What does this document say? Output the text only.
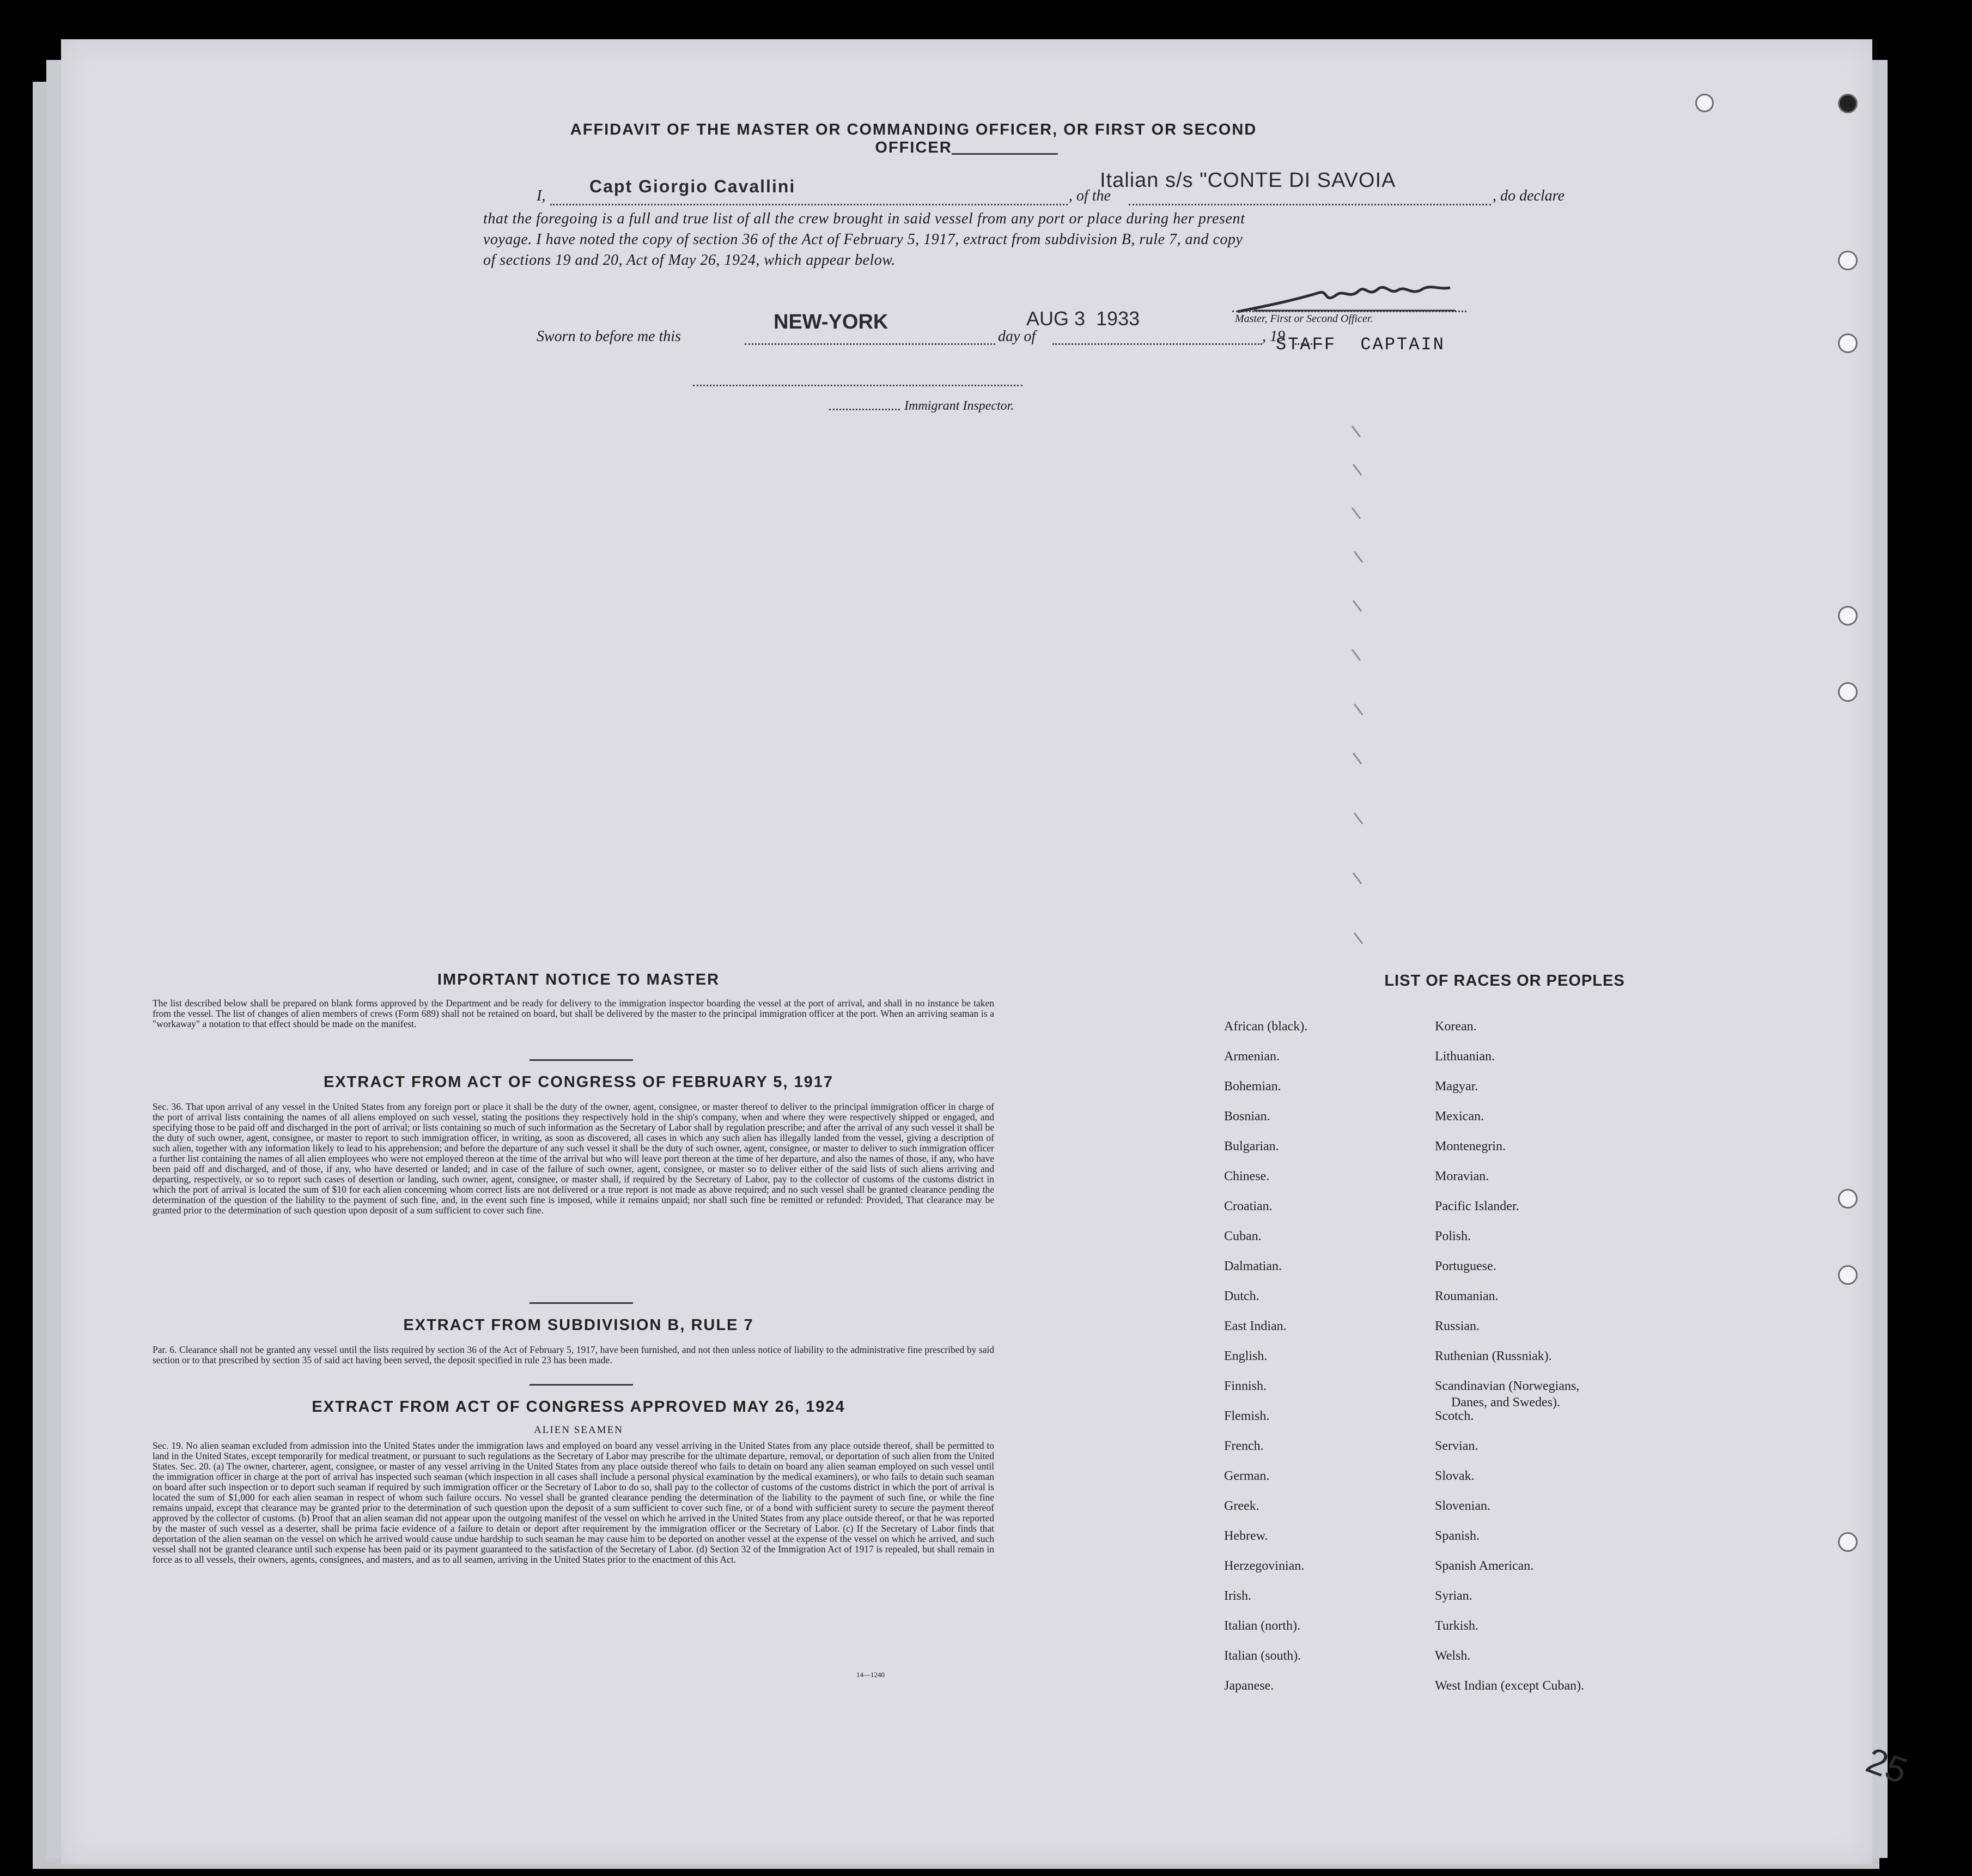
AFFIDAVIT OF THE MASTER OR COMMANDING OFFICER, OR FIRST OR SECOND OFFICER
I,	Capt Giorgio Cavallini	, of the
Italian s/s "CONTE DI SAVOIA
, do declare
that the foregoing is a full and true list of all the crew brought in said vessel from any port or place during her present
voyage. I have noted the copy of section 36 of the Act of February 5, 1917, extract from subdivision B, rule 7, and copy
of sections 19 and 20, Act of May 26, 1924, which appear below.
Master, First or Second Officer.
Sworn to before me this
NEW-YORK
day of
AUG 3  1933
, 19
STAFF  CAPTAIN
Immigrant Inspector.
IMPORTANT NOTICE TO MASTER
The list described below shall be prepared on blank forms approved by the Department and be ready for delivery to the immigration inspector boarding the vessel at the port of arrival, and shall in no instance be taken from the vessel. The list of changes of alien members of crews (Form 689) shall not be retained on board, but shall be delivered by the master to the principal immigration officer at the port. When an arriving seaman is a "workaway" a notation to that effect should be made on the manifest.
EXTRACT FROM ACT OF CONGRESS OF FEBRUARY 5, 1917
Sec. 36. That upon arrival of any vessel in the United States from any foreign port or place it shall be the duty of the owner, agent, consignee, or master thereof to deliver to the principal immigration officer in charge of the port of arrival lists containing the names of all aliens employed on such vessel, stating the positions they respectively hold in the ship's company, when and where they were respectively shipped or engaged, and specifying those to be paid off and discharged in the port of arrival; or lists containing so much of such information as the Secretary of Labor shall by regulation prescribe; and after the arrival of any such vessel it shall be the duty of such owner, agent, consignee, or master to report to such immigration officer, in writing, as soon as discovered, all cases in which any such alien has illegally landed from the vessel, giving a description of such alien, together with any information likely to lead to his apprehension; and before the departure of any such vessel it shall be the duty of such owner, agent, consignee, or master to deliver to such immigration officer a further list containing the names of all alien employees who were not employed thereon at the time of the arrival but who will leave port thereon at the time of her departure, and also the names of those, if any, who have been paid off and discharged, and of those, if any, who have deserted or landed; and in case of the failure of such owner, agent, consignee, or master so to deliver either of the said lists of such aliens arriving and departing, respectively, or so to report such cases of desertion or landing, such owner, agent, consignee, or master shall, if required by the Secretary of Labor, pay to the collector of customs of the customs district in which the port of arrival is located the sum of $10 for each alien concerning whom correct lists are not delivered or a true report is not made as above required; and no such vessel shall be granted clearance pending the determination of the question of the liability to the payment of such fine, and, in the event such fine is imposed, while it remains unpaid; nor shall such fine be remitted or refunded: Provided, That clearance may be granted prior to the determination of such question upon deposit of a sum sufficient to cover such fine.
EXTRACT FROM SUBDIVISION B, RULE 7
Par. 6. Clearance shall not be granted any vessel until the lists required by section 36 of the Act of February 5, 1917, have been furnished, and not then unless notice of liability to the administrative fine prescribed by said section or to that prescribed by section 35 of said act having been served, the deposit specified in rule 23 has been made.
EXTRACT FROM ACT OF CONGRESS APPROVED MAY 26, 1924
ALIEN SEAMEN
Sec. 19. No alien seaman excluded from admission into the United States under the immigration laws and employed on board any vessel arriving in the United States from any place outside thereof, shall be permitted to land in the United States, except temporarily for medical treatment, or pursuant to such regulations as the Secretary of Labor may prescribe for the ultimate departure, removal, or deportation of such alien from the United States. Sec. 20. (a) The owner, charterer, agent, consignee, or master of any vessel arriving in the United States from any place outside thereof who fails to detain on board any alien seaman employed on such vessel until the immigration officer in charge at the port of arrival has inspected such seaman (which inspection in all cases shall include a personal physical examination by the medical examiners), or who fails to detain such seaman on board after such inspection or to deport such seaman if required by such immigration officer or the Secretary of Labor to do so, shall pay to the collector of customs of the customs district in which the port of arrival is located the sum of $1,000 for each alien seaman in respect of whom such failure occurs. No vessel shall be granted clearance pending the determination of the liability to the payment of such fine, or while the fine remains unpaid, except that clearance may be granted prior to the determination of such question upon the deposit of a sum sufficient to cover such fine, or of a bond with sufficient surety to secure the payment thereof approved by the collector of customs. (b) Proof that an alien seaman did not appear upon the outgoing manifest of the vessel on which he arrived in the United States from any place outside thereof, or that he was reported by the master of such vessel as a deserter, shall be prima facie evidence of a failure to detain or deport after requirement by the immigration officer or the Secretary of Labor. (c) If the Secretary of Labor finds that deportation of the alien seaman on the vessel on which he arrived would cause undue hardship to such seaman he may cause him to be deported on another vessel at the expense of the vessel on which he arrived, and such vessel shall not be granted clearance until such expense has been paid or its payment guaranteed to the satisfaction of the Secretary of Labor. (d) Section 32 of the Immigration Act of 1917 is repealed, but shall remain in force as to all vessels, their owners, agents, consignees, and masters, and as to all seamen, arriving in the United States prior to the enactment of this Act.
14—1240
LIST OF RACES OR PEOPLES
African (black).
Armenian.
Bohemian.
Bosnian.
Bulgarian.
Chinese.
Croatian.
Cuban.
Dalmatian.
Dutch.
East Indian.
English.
Finnish.
Flemish.
French.
German.
Greek.
Hebrew.
Herzegovinian.
Irish.
Italian (north).
Italian (south).
Japanese.
Korean.
Lithuanian.
Magyar.
Mexican.
Montenegrin.
Moravian.
Pacific Islander.
Polish.
Portuguese.
Roumanian.
Russian.
Ruthenian (Russniak).
Scandinavian (Norwegians,
Danes, and Swedes).
Scotch.
Servian.
Slovak.
Slovenian.
Spanish.
Spanish American.
Syrian.
Turkish.
Welsh.
West Indian (except Cuban).
25
